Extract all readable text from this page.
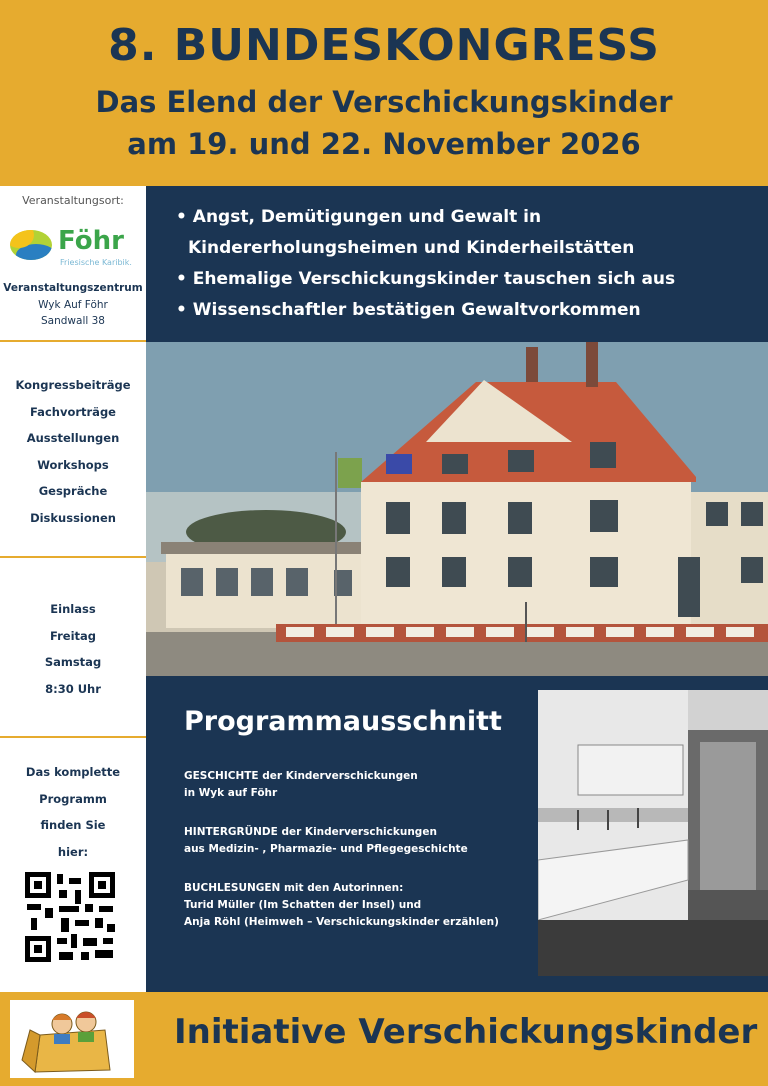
8. BUNDESKONGRESS
Das Elend der Verschickungskinder
am 19. und 22. November 2026
Veranstaltungsort:
Föhr
Friesische Karibik.
Veranstaltungszentrum
Wyk Auf Föhr
Sandwall 38
Kongressbeiträge
Fachvorträge
Ausstellungen
Workshops
Gespräche
Diskussionen
Einlass
Freitag
Samstag
8:30 Uhr
Das komplette
Programm
finden Sie
hier:
• Angst, Demütigungen und Gewalt in
Kindererholungsheimen und Kinderheilstätten
• Ehemalige Verschickungskinder tauschen sich aus
• Wissenschaftler bestätigen Gewaltvorkommen
Programmausschnitt
GESCHICHTE der Kinderverschickungen
in Wyk auf Föhr
HINTERGRÜNDE der Kinderverschickungen
aus Medizin- , Pharmazie- und Pflegegeschichte
BUCHLESUNGEN mit den Autorinnen:
Turid Müller (Im Schatten der Insel) und
Anja Röhl (Heimweh – Verschickungskinder erzählen)
Initiative Verschickungskinder
